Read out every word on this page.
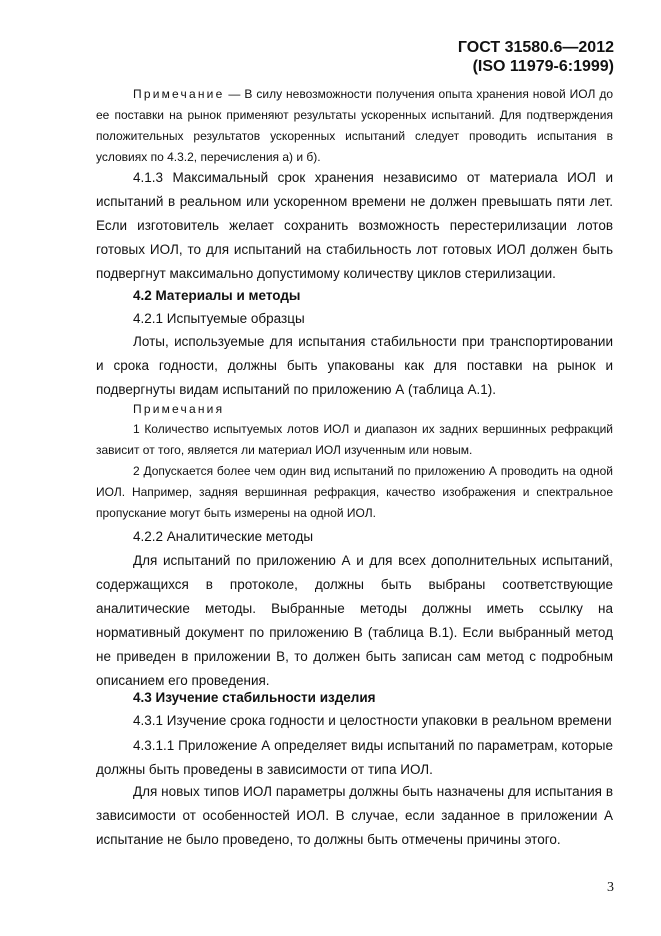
ГОСТ 31580.6—2012
(ISO 11979-6:1999)
Примечание — В силу невозможности получения опыта хранения новой ИОЛ до ее поставки на рынок применяют результаты ускоренных испытаний. Для подтверждения положительных результатов ускоренных испытаний следует проводить испытания в условиях по 4.3.2, перечисления а) и б).
4.1.3 Максимальный срок хранения независимо от материала ИОЛ и испытаний в реальном или ускоренном времени не должен превышать пяти лет. Если изготовитель желает сохранить возможность перестерилизации лотов готовых ИОЛ, то для испытаний на стабильность лот готовых ИОЛ должен быть подвергнут максимально допустимому количеству циклов стерилизации.
4.2 Материалы и методы
4.2.1 Испытуемые образцы
Лоты, используемые для испытания стабильности при транспортировании и срока годности, должны быть упакованы как для поставки на рынок и подвергнуты видам испытаний по приложению А (таблица А.1).
Примечания
1 Количество испытуемых лотов ИОЛ и диапазон их задних вершинных рефракций зависит от того, является ли материал ИОЛ изученным или новым.
2 Допускается более чем один вид испытаний по приложению А проводить на одной ИОЛ. Например, задняя вершинная рефракция, качество изображения и спектральное пропускание могут быть измерены на одной ИОЛ.
4.2.2 Аналитические методы
Для испытаний по приложению А и для всех дополнительных испытаний, содержащихся в протоколе, должны быть выбраны соответствующие аналитические методы. Выбранные методы должны иметь ссылку на нормативный документ по приложению В (таблица В.1). Если выбранный метод не приведен в приложении В, то должен быть записан сам метод с подробным описанием его проведения.
4.3 Изучение стабильности изделия
4.3.1 Изучение срока годности и целостности упаковки в реальном времени
4.3.1.1 Приложение А определяет виды испытаний по параметрам, которые должны быть проведены в зависимости от типа ИОЛ.
Для новых типов ИОЛ параметры должны быть назначены для испытания в зависимости от особенностей ИОЛ. В случае, если заданное в приложении А испытание не было проведено, то должны быть отмечены причины этого.
3
